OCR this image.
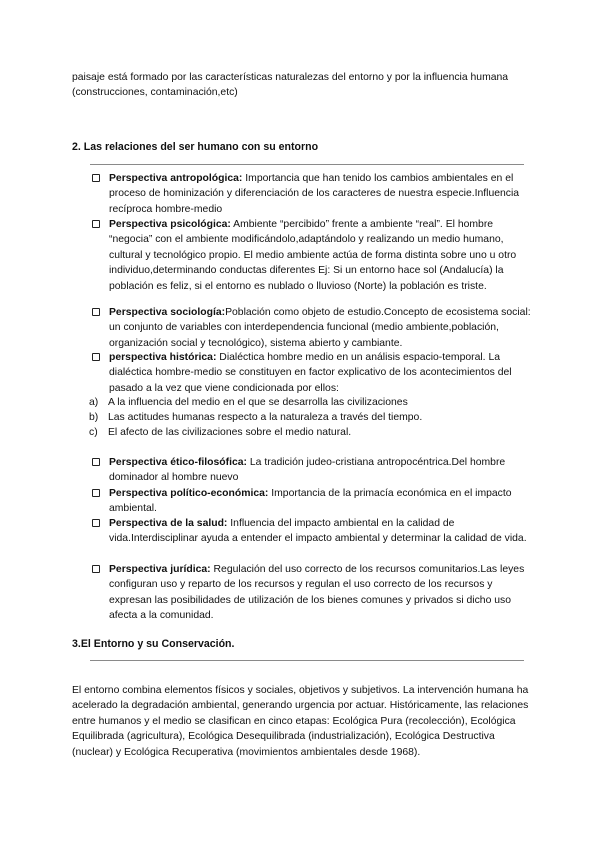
paisaje está formado por las características naturalezas del entorno y por la influencia humana (construcciones, contaminación,etc)

2. Las relaciones del ser humano con su entorno
Perspectiva antropológica: Importancia que han tenido los cambios ambientales en el proceso de hominización y diferenciación de los caracteres de nuestra especie.Influencia recíproca hombre-medio
Perspectiva psicológica: Ambiente “percibido” frente a ambiente “real”. El hombre “negocia” con el ambiente modificándolo,adaptándolo y realizando un medio humano, cultural y tecnológico propio. El medio ambiente actúa de forma distinta sobre uno u otro individuo,determinando conductas diferentes Ej: Si un entorno hace sol (Andalucía) la población es feliz, si el entorno es nublado o lluvioso (Norte) la población es triste.
Perspectiva sociología:Población como objeto de estudio.Concepto de ecosistema social: un conjunto de variables con interdependencia funcional (medio ambiente,población, organización social y tecnológico), sistema abierto y cambiante.
perspectiva histórica: Dialéctica hombre medio en un análisis espacio-temporal. La dialéctica hombre-medio se constituyen en factor explicativo de los acontecimientos del pasado a la vez que viene condicionada por ellos:
a) A la influencia del medio en el que se desarrolla las civilizaciones
b) Las actitudes humanas respecto a la naturaleza a través del tiempo.
c) El afecto de las civilizaciones sobre el medio natural.
Perspectiva ético-filosófica: La tradición judeo-cristiana antropocéntrica.Del hombre dominador al hombre nuevo
Perspectiva político-económica: Importancia de la primacía económica en el impacto ambiental.
Perspectiva de la salud: Influencia del impacto ambiental en la calidad de vida.Interdisciplinar ayuda a entender el impacto ambiental y determinar la calidad de vida.
Perspectiva jurídica: Regulación del uso correcto de los recursos comunitarios.Las leyes configuran uso y reparto de los recursos y regulan el uso correcto de los recursos y expresan las posibilidades de utilización de los bienes comunes y privados si dicho uso afecta a la comunidad.
3.El Entorno y su Conservación.

El entorno combina elementos físicos y sociales, objetivos y subjetivos. La intervención humana ha acelerado la degradación ambiental, generando urgencia por actuar. Históricamente, las relaciones entre humanos y el medio se clasifican en cinco etapas: Ecológica Pura (recolección), Ecológica Equilibrada (agricultura), Ecológica Desequilibrada (industrialización), Ecológica Destructiva (nuclear) y Ecológica Recuperativa (movimientos ambientales desde 1968).
